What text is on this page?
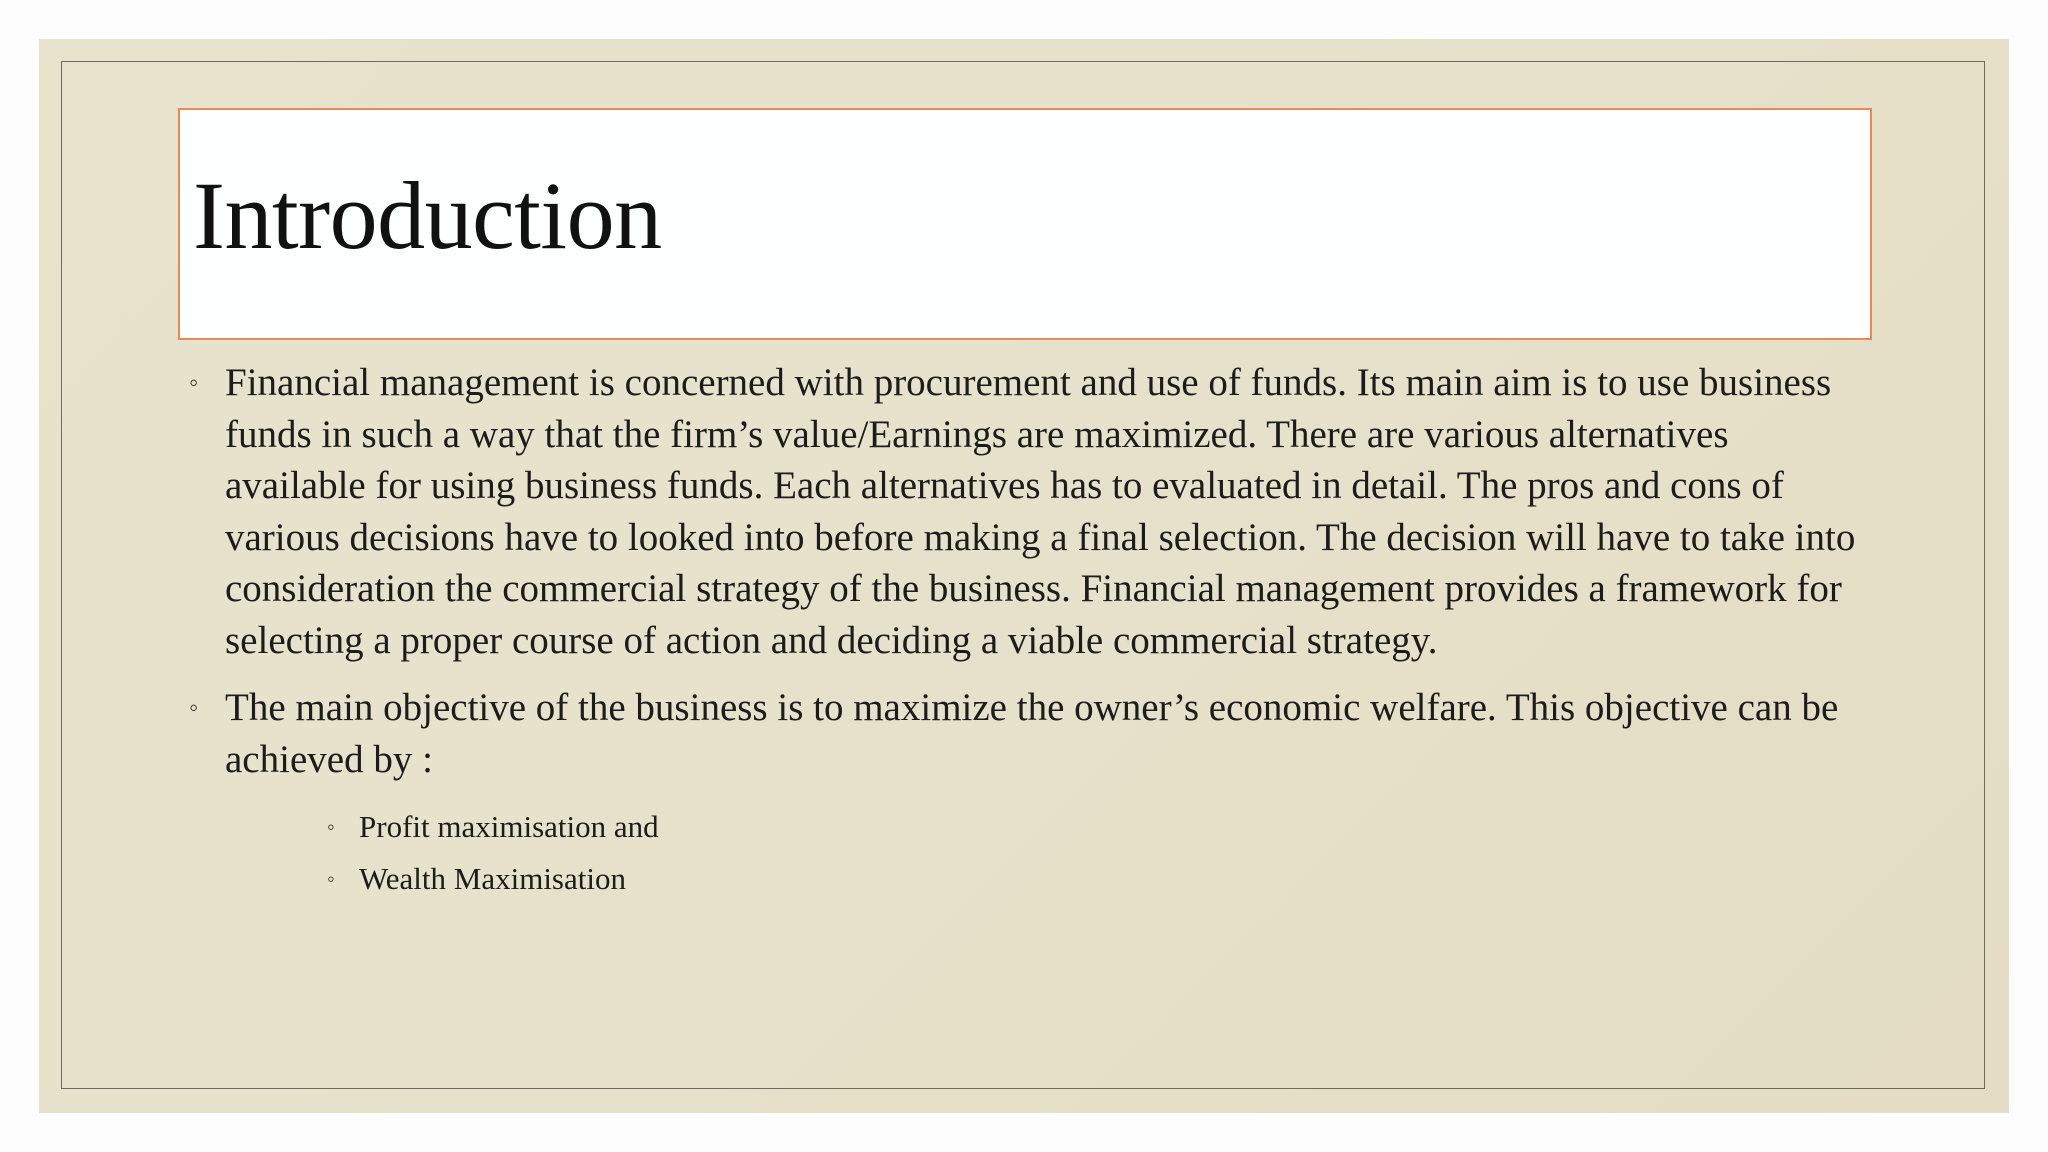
Introduction

◦ Financial management is concerned with procurement and use of funds. Its main aim is to use business funds in such a way that the firm’s value/Earnings are maximized. There are various alternatives available for using business funds. Each alternatives has to evaluated in detail. The pros and cons of various decisions have to looked into before making a final selection. The decision will have to take into consideration the commercial strategy of the business. Financial management provides a framework for selecting a proper course of action and deciding a viable commercial strategy.

◦ The main objective of the business is to maximize the owner’s economic welfare. This objective can be achieved by :

◦ Profit maximisation and
◦ Wealth Maximisation
